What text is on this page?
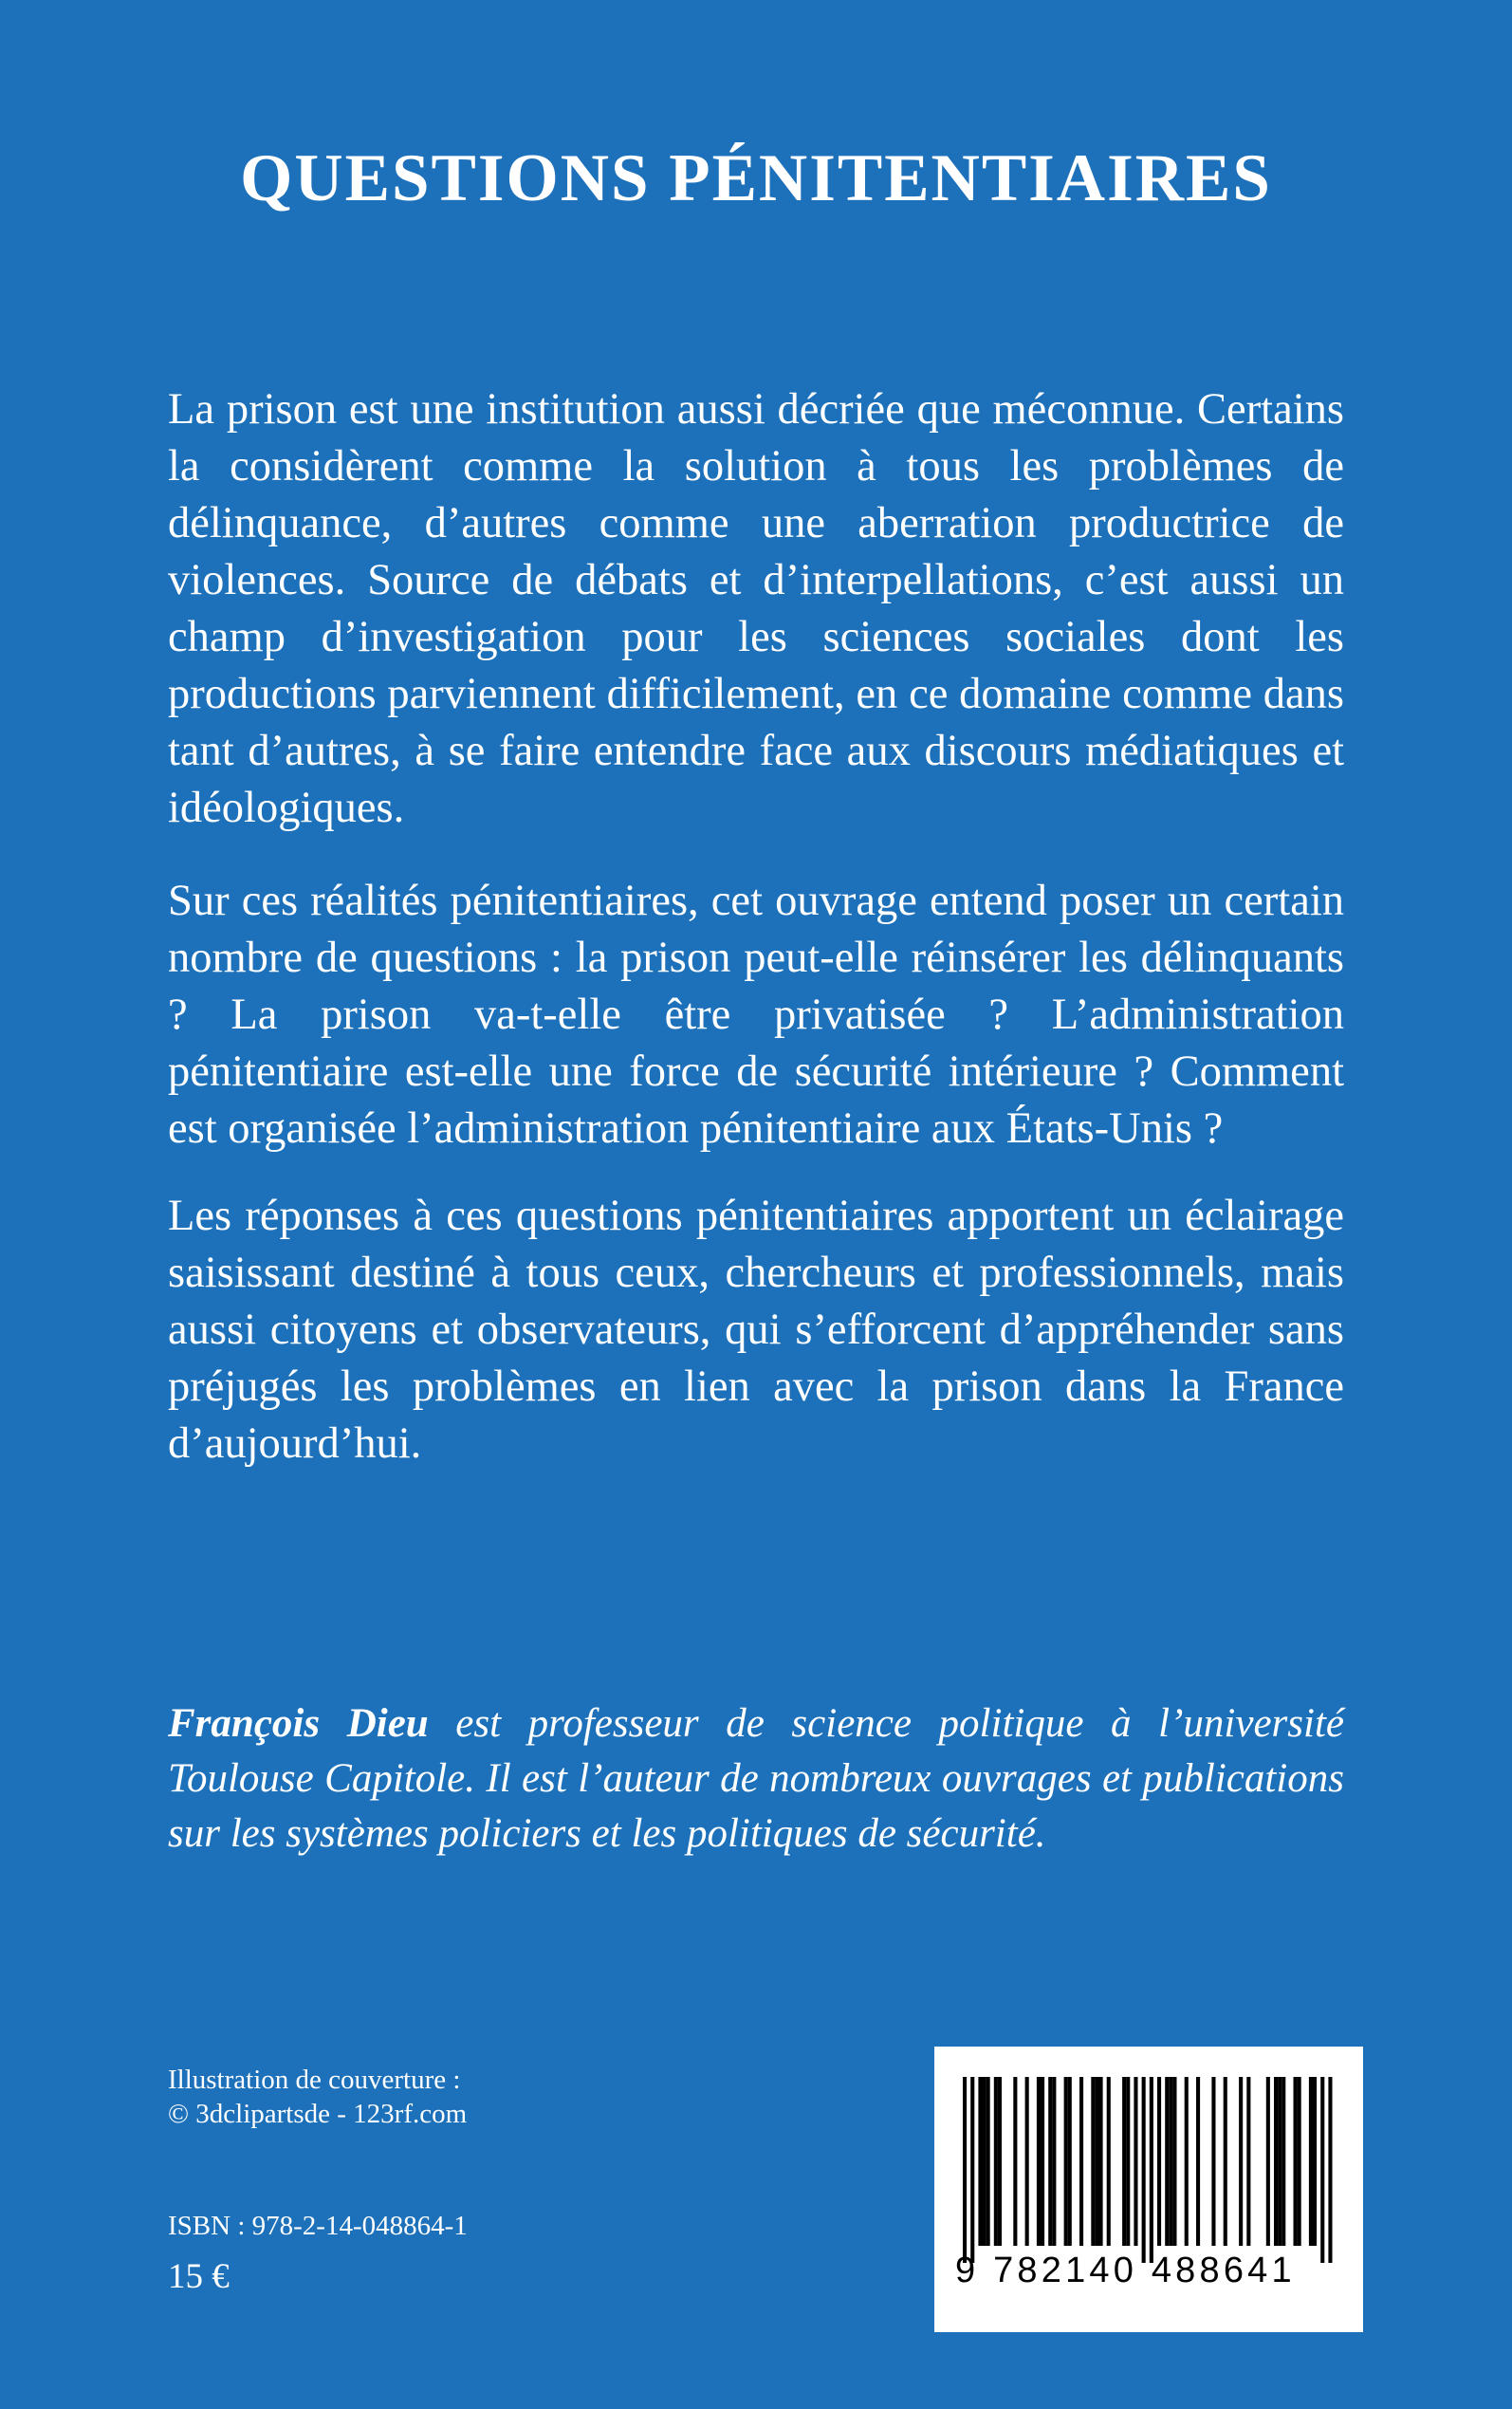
QUESTIONS PÉNITENTIAIRES

La prison est une institution aussi décriée que méconnue. Certains la considèrent comme la solution à tous les problèmes de délinquance, d’autres comme une aberration productrice de violences. Source de débats et d’interpellations, c’est aussi un champ d’investigation pour les sciences sociales dont les productions parviennent difficilement, en ce domaine comme dans tant d’autres, à se faire entendre face aux discours médiatiques et idéologiques.

Sur ces réalités pénitentiaires, cet ouvrage entend poser un certain nombre de questions : la prison peut-elle réinsérer les délinquants ? La prison va-t-elle être privatisée ? L’administration pénitentiaire est-elle une force de sécurité intérieure ? Comment est organisée l’administration pénitentiaire aux États-Unis ?

Les réponses à ces questions pénitentiaires apportent un éclairage saisissant destiné à tous ceux, chercheurs et professionnels, mais aussi citoyens et observateurs, qui s’efforcent d’appréhender sans préjugés les problèmes en lien avec la prison dans la France d’aujourd’hui.

François Dieu est professeur de science politique à l’université Toulouse Capitole. Il est l’auteur de nombreux ouvrages et publications sur les systèmes policiers et les politiques de sécurité.

Illustration de couverture :
© 3dclipartsde - 123rf.com
ISBN : 978-2-14-048864-1
15 €	9 782140 488641
